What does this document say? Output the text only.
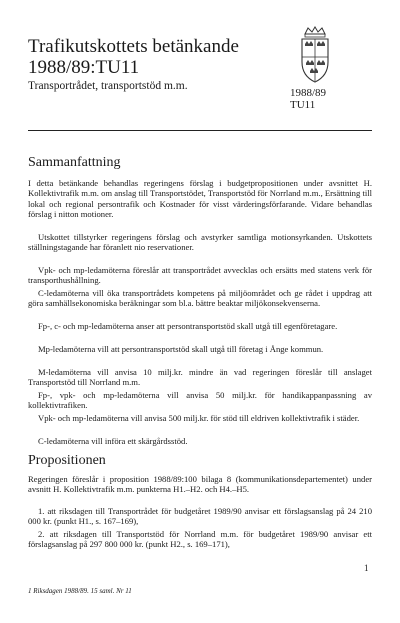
Trafikutskottets betänkande
1988/89:TU11
Transportrådet, transportstöd m.m.
1988/89
TU11
Sammanfattning

I detta betänkande behandlas regeringens förslag i budgetpropositionen under avsnittet H. Kollektivtrafik m.m. om anslag till Transportstödet, Transportstöd för Norrland m.m., Ersättning till lokal och regional persontrafik och Kostnader för visst värderingsförfarande. Vidare behandlas förslag i nitton motioner.

Utskottet tillstyrker regeringens förslag och avstyrker samtliga motionsyrkanden. Utskottets ställningstagande har föranlett nio reservationer.

Vpk- och mp-ledamöterna föreslår att transportrådet avvecklas och ersätts med statens verk för transporthushållning.

C-ledamöterna vill öka transportrådets kompetens på miljöområdet och ge rådet i uppdrag att göra samhällsekonomiska beräkningar som bl.a. bättre beaktar miljökonsekvenserna.

Fp-, c- och mp-ledamöterna anser att persontransportstöd skall utgå till egenföretagare.

Mp-ledamöterna vill att persontransportstöd skall utgå till företag i Ånge kommun.

M-ledamöterna vill anvisa 10 milj.kr. mindre än vad regeringen föreslår till anslaget Transportstöd till Norrland m.m.

Fp-, vpk- och mp-ledamöterna vill anvisa 50 milj.kr. för handikappanpassning av kollektivtrafiken.

Vpk- och mp-ledamöterna vill anvisa 500 milj.kr. för stöd till eldriven kollektivtrafik i städer.

C-ledamöterna vill införa ett skärgårdsstöd.

Propositionen

Regeringen föreslår i proposition 1988/89:100 bilaga 8 (kommunikationsdepartementet) under avsnitt H. Kollektivtrafik m.m. punkterna H1.–H2. och H4.–H5.

1. att riksdagen till Transportrådet för budgetåret 1989/90 anvisar ett förslagsanslag på 24 210 000 kr. (punkt H1., s. 167–169),

2. att riksdagen till Transportstöd för Norrland m.m. för budgetåret 1989/90 anvisar ett förslagsanslag på 297 800 000 kr. (punkt H2., s. 169–171),

1
1 Riksdagen 1988/89. 15 saml. Nr 11
